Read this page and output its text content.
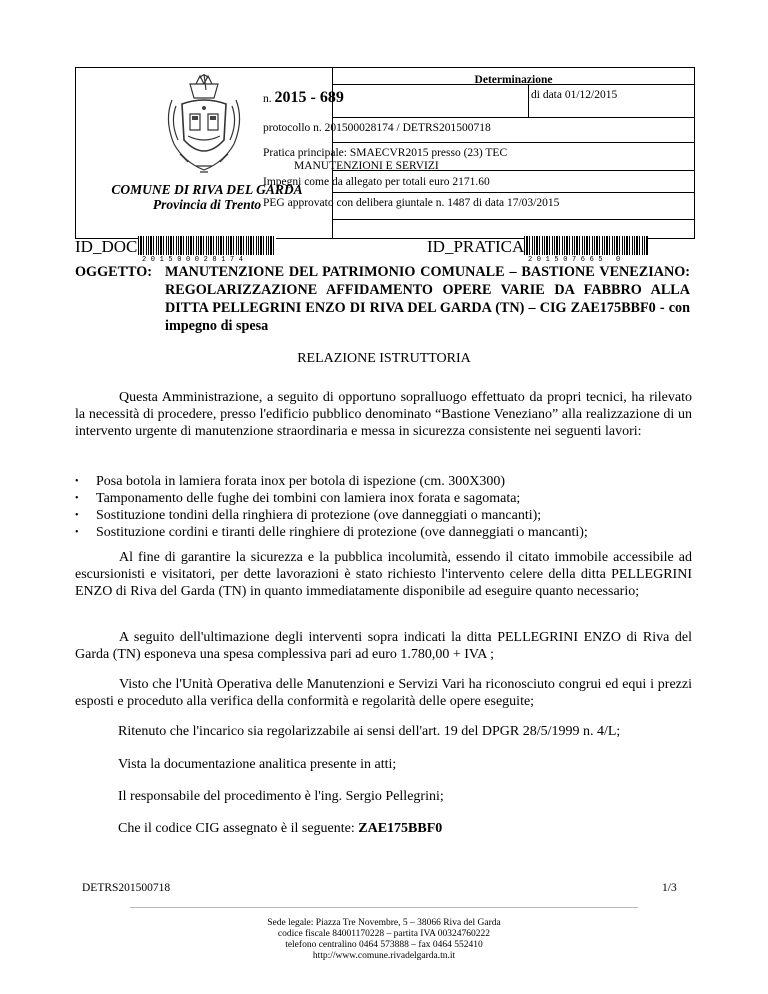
Determinazione
n. 2015 - 689	di data 01/12/2015
protocollo n. 201500028174 / DETRS201500718
Pratica principale: SMAECVR2015 presso (23) TEC
MANUTENZIONI E SERVIZI
Impegni come da allegato per totali euro 2171.60
PEG approvato con delibera giuntale n. 1487 di data 17/03/2015
COMUNE DI RIVA DEL GARDA
Provincia di Trento
ID_DOC
201500028174
ID_PRATICA
201507665 0
OGGETTO: MANUTENZIONE DEL PATRIMONIO COMUNALE – BASTIONE VENEZIANO: REGOLARIZZAZIONE AFFIDAMENTO OPERE VARIE DA FABBRO ALLA DITTA PELLEGRINI ENZO DI RIVA DEL GARDA (TN) – CIG ZAE175BBF0 - con impegno di spesa
RELAZIONE ISTRUTTORIA
Questa Amministrazione, a seguito di opportuno sopralluogo effettuato da propri tecnici, ha rilevato la necessità di procedere, presso l'edificio pubblico denominato “Bastione Veneziano” alla realizzazione di un intervento urgente di manutenzione straordinaria e messa in sicurezza consistente nei seguenti lavori:
• Posa botola in lamiera forata inox per botola di ispezione (cm. 300X300)
• Tamponamento delle fughe dei tombini con lamiera inox forata e sagomata;
• Sostituzione tondini della ringhiera di protezione (ove danneggiati o mancanti);
• Sostituzione cordini e tiranti delle ringhiere di protezione (ove danneggiati o mancanti);
Al fine di garantire la sicurezza e la pubblica incolumità, essendo il citato immobile accessibile ad escursionisti e visitatori, per dette lavorazioni è stato richiesto l'intervento celere della ditta PELLEGRINI ENZO di Riva del Garda (TN) in quanto immediatamente disponibile ad eseguire quanto necessario;
A seguito dell'ultimazione degli interventi sopra indicati la ditta PELLEGRINI ENZO di Riva del Garda (TN) esponeva una spesa complessiva pari ad euro 1.780,00 + IVA ;
Visto che l'Unità Operativa delle Manutenzioni e Servizi Vari ha riconosciuto congrui ed equi i prezzi esposti e proceduto alla verifica della conformità e regolarità delle opere eseguite;
Ritenuto che l'incarico sia regolarizzabile ai sensi dell'art. 19 del DPGR 28/5/1999 n. 4/L;
Vista la documentazione analitica presente in atti;
Il responsabile del procedimento è l'ing. Sergio Pellegrini;
Che il codice CIG assegnato è il seguente: ZAE175BBF0
DETRS201500718	1/3
Sede legale: Piazza Tre Novembre, 5 – 38066 Riva del Garda
codice fiscale 84001170228 – partita IVA 00324760222
telefono centralino 0464 573888 – fax 0464 552410
http://www.comune.rivadelgarda.tn.it
